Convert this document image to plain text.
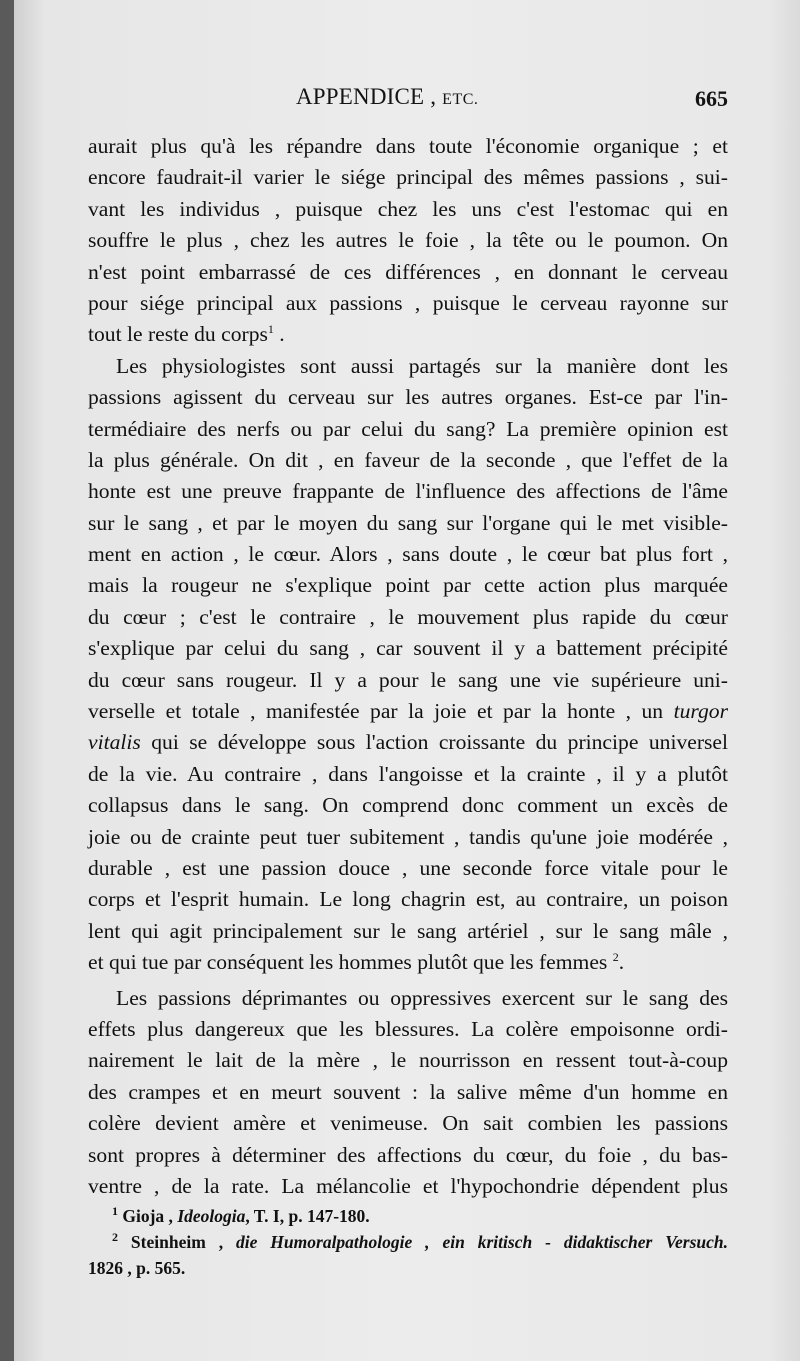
APPENDICE , ETC.	665
aurait plus qu'à les répandre dans toute l'économie organique ; et
encore faudrait-il varier le siége principal des mêmes passions , sui-
vant les individus , puisque chez les uns c'est l'estomac qui en
souffre le plus , chez les autres le foie , la tête ou le poumon. On
n'est point embarrassé de ces différences , en donnant le cerveau
pour siége principal aux passions , puisque le cerveau rayonne sur
tout le reste du corps$^1$ .
Les physiologistes sont aussi partagés sur la manière dont les
passions agissent du cerveau sur les autres organes. Est-ce par l'in-
termédiaire des nerfs ou par celui du sang? La première opinion est
la plus générale. On dit , en faveur de la seconde , que l'effet de la
honte est une preuve frappante de l'influence des affections de l'âme
sur le sang , et par le moyen du sang sur l'organe qui le met visible-
ment en action , le cœur. Alors , sans doute , le cœur bat plus fort ,
mais la rougeur ne s'explique point par cette action plus marquée
du cœur ; c'est le contraire , le mouvement plus rapide du cœur
s'explique par celui du sang , car souvent il y a battement précipité
du cœur sans rougeur. Il y a pour le sang une vie supérieure uni-
verselle et totale , manifestée par la joie et par la honte , un turgor
vitalis qui se développe sous l'action croissante du principe universel
de la vie. Au contraire , dans l'angoisse et la crainte , il y a plutôt
collapsus dans le sang. On comprend donc comment un excès de
joie ou de crainte peut tuer subitement , tandis qu'une joie modérée ,
durable , est une passion douce , une seconde force vitale pour le
corps et l'esprit humain. Le long chagrin est, au contraire, un poison
lent qui agit principalement sur le sang artériel , sur le sang mâle ,
et qui tue par conséquent les hommes plutôt que les femmes $^2$.
Les passions déprimantes ou oppressives exercent sur le sang des
effets plus dangereux que les blessures. La colère empoisonne ordi-
nairement le lait de la mère , le nourrisson en ressent tout-à-coup
des crampes et en meurt souvent : la salive même d'un homme en
colère devient amère et venimeuse. On sait combien les passions
sont propres à déterminer des affections du cœur, du foie , du bas-
ventre , de la rate. La mélancolie et l'hypochondrie dépendent plus
$^1$ Gioja , Ideologia, T. I, p. 147-180.
$^2$ Steinheim , die Humoralpathologie , ein kritisch - didaktischer Versuch.
1826 , p. 565.
